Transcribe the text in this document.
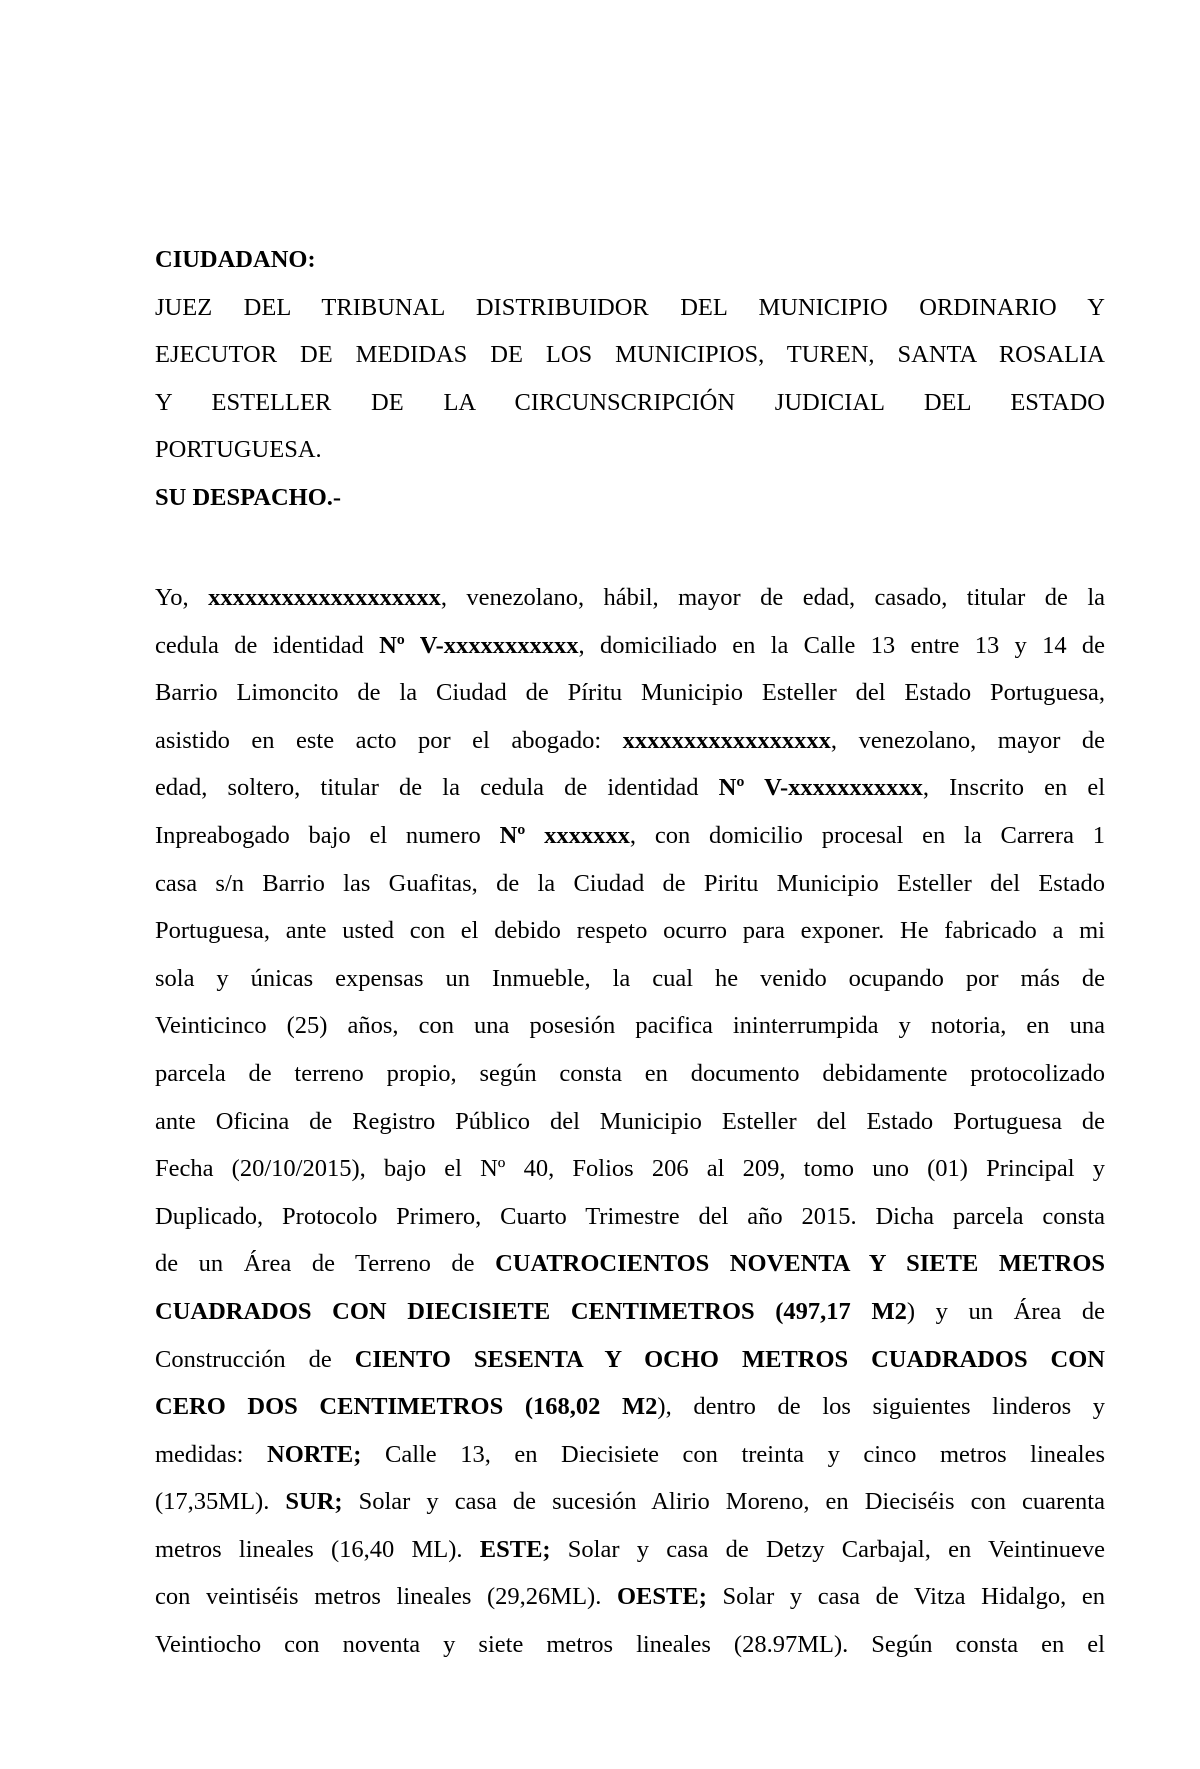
CIUDADANO:
JUEZ DEL TRIBUNAL DISTRIBUIDOR DEL MUNICIPIO ORDINARIO Y
EJECUTOR DE MEDIDAS DE LOS MUNICIPIOS, TUREN, SANTA ROSALIA
Y ESTELLER DE LA CIRCUNSCRIPCIÓN JUDICIAL DEL ESTADO
PORTUGUESA.
SU DESPACHO.-
Yo, xxxxxxxxxxxxxxxxxxx, venezolano, hábil, mayor de edad, casado, titular de la
cedula de identidad Nº V-xxxxxxxxxxx, domiciliado en la Calle 13 entre 13 y 14 de
Barrio Limoncito de la Ciudad de Píritu Municipio Esteller del Estado Portuguesa,
asistido en este acto por el abogado: xxxxxxxxxxxxxxxxx, venezolano, mayor de
edad, soltero, titular de la cedula de identidad Nº V-xxxxxxxxxxx, Inscrito en el
Inpreabogado bajo el numero Nº xxxxxxx, con domicilio procesal en la Carrera 1
casa s/n Barrio las Guafitas, de la Ciudad de Piritu Municipio Esteller del Estado
Portuguesa, ante usted con el debido respeto ocurro para exponer. He fabricado a mi
sola y únicas expensas un Inmueble, la cual he venido ocupando por más de
Veinticinco (25) años, con una posesión pacifica ininterrumpida y notoria, en una
parcela de terreno propio, según consta en documento debidamente protocolizado
ante Oficina de Registro Público del Municipio Esteller del Estado Portuguesa de
Fecha (20/10/2015), bajo el Nº 40, Folios 206 al 209, tomo uno (01) Principal y
Duplicado, Protocolo Primero, Cuarto Trimestre del año 2015. Dicha parcela consta
de un Área de Terreno de CUATROCIENTOS NOVENTA Y SIETE METROS
CUADRADOS CON DIECISIETE CENTIMETROS (497,17 M2) y un Área de
Construcción de CIENTO SESENTA Y OCHO METROS CUADRADOS CON
CERO DOS CENTIMETROS (168,02 M2), dentro de los siguientes linderos y
medidas: NORTE; Calle 13, en Diecisiete con treinta y cinco metros lineales
(17,35ML). SUR; Solar y casa de sucesión Alirio Moreno, en Dieciséis con cuarenta
metros lineales (16,40 ML). ESTE; Solar y casa de Detzy Carbajal, en Veintinueve
con veintiséis metros lineales (29,26ML). OESTE; Solar y casa de Vitza Hidalgo, en
Veintiocho con noventa y siete metros lineales (28.97ML). Según consta en el
